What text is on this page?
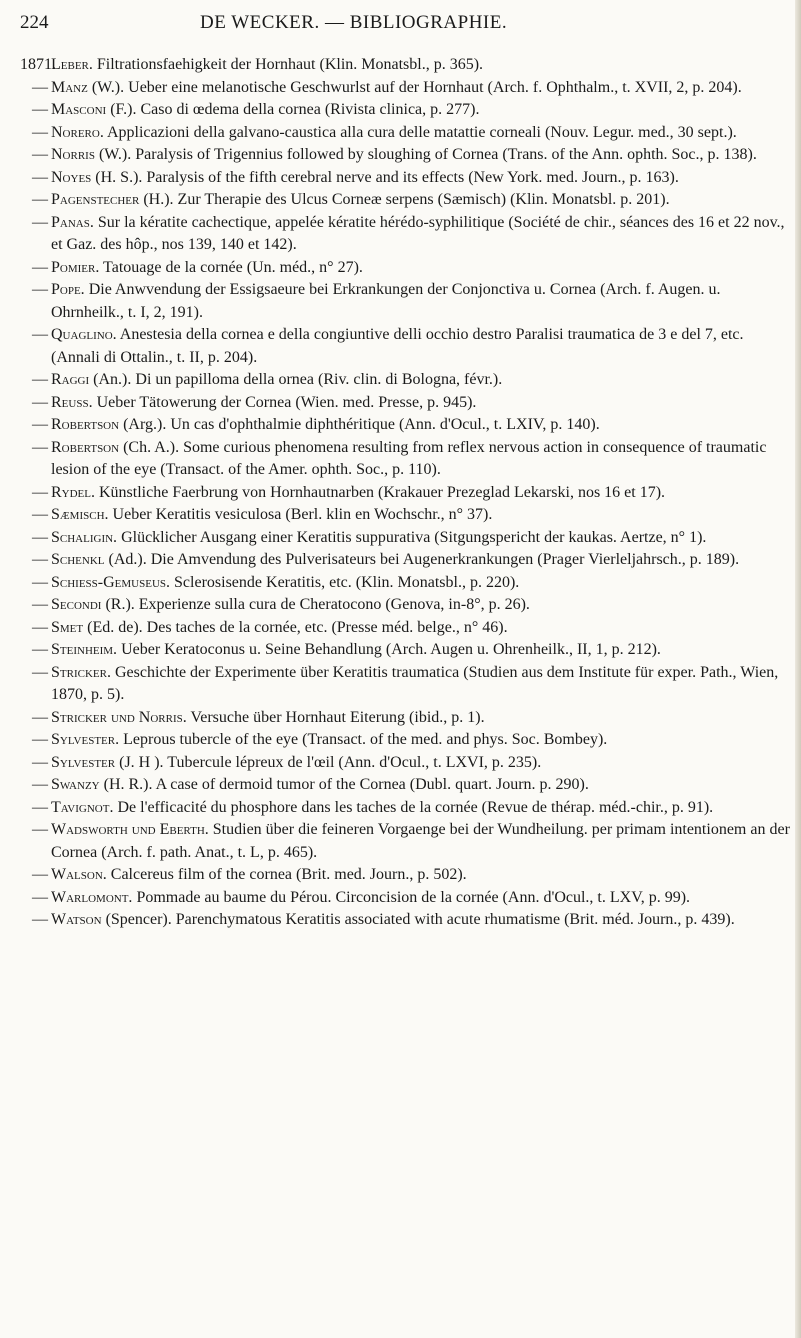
224	DE WECKER. — BIBLIOGRAPHIE.
1871.
Leber. Filtrationsfaehigkeit der Hornhaut (Klin. Monatsbl., p. 365).
— Manz (W.). Ueber eine melanotische Geschwurlst auf der Hornhaut (Arch. f. Ophthalm., t. XVII, 2, p. 204).
— Masconi (F.). Caso di œdema della cornea (Rivista clinica, p. 277).
— Norero. Applicazioni della galvano-caustica alla cura delle matattie corneali (Nouv. Legur. med., 30 sept.).
— Norris (W.). Paralysis of Trigennius followed by sloughing of Cornea (Trans. of the Ann. ophth. Soc., p. 138).
— Noyes (H. S.). Paralysis of the fifth cerebral nerve and its effects (New York. med. Journ., p. 163).
— Pagenstecher (H.). Zur Therapie des Ulcus Corneæ serpens (Sæmisch) (Klin. Monatsbl. p. 201).
— Panas. Sur la kératite cachectique, appelée kératite hérédo-syphilitique (Société de chir., séances des 16 et 22 nov., et Gaz. des hôp., nos 139, 140 et 142).
— Pomier. Tatouage de la cornée (Un. méd., n° 27).
— Pope. Die Anwvendung der Essigsaeure bei Erkrankungen der Conjonctiva u. Cornea (Arch. f. Augen. u. Ohrnheilk., t. I, 2, 191).
— Quaglino. Anestesia della cornea e della congiuntive delli occhio destro Paralisi traumatica de 3 e del 7, etc. (Annali di Ottalin., t. II, p. 204).
— Raggi (An.). Di un papilloma della ornea (Riv. clin. di Bologna, févr.).
— Reuss. Ueber Tätowerung der Cornea (Wien. med. Presse, p. 945).
— Robertson (Arg.). Un cas d'ophthalmie diphthéritique (Ann. d'Ocul., t. LXIV, p. 140).
— Robertson (Ch. A.). Some curious phenomena resulting from reflex nervous action in consequence of traumatic lesion of the eye (Transact. of the Amer. ophth. Soc., p. 110).
— Rydel. Künstliche Faerbrung von Hornhautnarben (Krakauer Prezeglad Lekarski, nos 16 et 17).
— Sæmisch. Ueber Keratitis vesiculosa (Berl. klin en Wochschr., n° 37).
— Schaligin. Glücklicher Ausgang einer Keratitis suppurativa (Sitgungspericht der kaukas. Aertze, n° 1).
— Schenkl (Ad.). Die Amvendung des Pulverisateurs bei Augenerkrankungen (Prager Vierleljahrsch., p. 189).
— Schiess-Gemuseus. Sclerosisende Keratitis, etc. (Klin. Monatsbl., p. 220).
— Secondi (R.). Experienze sulla cura de Cheratocono (Genova, in-8°, p. 26).
— Smet (Ed. de). Des taches de la cornée, etc. (Presse méd. belge., n° 46).
— Steinheim. Ueber Keratoconus u. Seine Behandlung (Arch. Augen u. Ohrenheilk., II, 1, p. 212).
— Stricker. Geschichte der Experimente über Keratitis traumatica (Studien aus dem Institute für exper. Path., Wien, 1870, p. 5).
— Stricker und Norris. Versuche über Hornhaut Eiterung (ibid., p. 1).
— Sylvester. Leprous tubercle of the eye (Transact. of the med. and phys. Soc. Bombey).
— Sylvester (J. H ). Tubercule lépreux de l'œil (Ann. d'Ocul., t. LXVI, p. 235).
— Swanzy (H. R.). A case of dermoid tumor of the Cornea (Dubl. quart. Journ. p. 290).
— Tavignot. De l'efficacité du phosphore dans les taches de la cornée (Revue de thérap. méd.-chir., p. 91).
— Wadsworth und Eberth. Studien über die feineren Vorgaenge bei der Wundheilung. per primam intentionem an der Cornea (Arch. f. path. Anat., t. L, p. 465).
— Walson. Calcereus film of the cornea (Brit. med. Journ., p. 502).
— Warlomont. Pommade au baume du Pérou. Circoncision de la cornée (Ann. d'Ocul., t. LXV, p. 99).
— Watson (Spencer). Parenchymatous Keratitis associated with acute rhumatisme (Brit. méd. Journ., p. 439).
